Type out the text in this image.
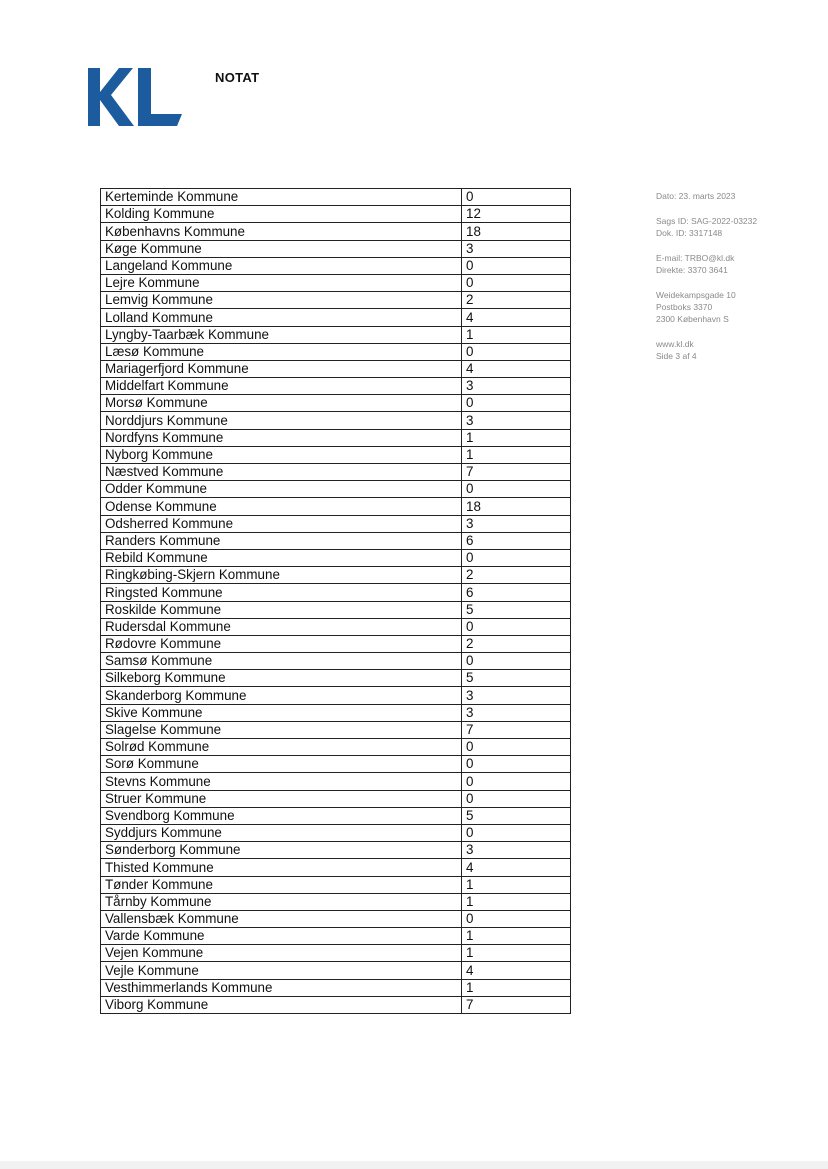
NOTAT
Dato: 23. marts 2023
Sags ID: SAG-2022-03232
Dok. ID: 3317148
E-mail: TRBO@kl.dk
Direkte: 3370 3641
Weidekampsgade 10
Postboks 3370
2300 København S
www.kl.dk
Side 3 af 4
Kerteminde Kommune	0
Kolding Kommune	12
Københavns Kommune	18
Køge Kommune	3
Langeland Kommune	0
Lejre Kommune	0
Lemvig Kommune	2
Lolland Kommune	4
Lyngby-Taarbæk Kommune	1
Læsø Kommune	0
Mariagerfjord Kommune	4
Middelfart Kommune	3
Morsø Kommune	0
Norddjurs Kommune	3
Nordfyns Kommune	1
Nyborg Kommune	1
Næstved Kommune	7
Odder Kommune	0
Odense Kommune	18
Odsherred Kommune	3
Randers Kommune	6
Rebild Kommune	0
Ringkøbing-Skjern Kommune	2
Ringsted Kommune	6
Roskilde Kommune	5
Rudersdal Kommune	0
Rødovre Kommune	2
Samsø Kommune	0
Silkeborg Kommune	5
Skanderborg Kommune	3
Skive Kommune	3
Slagelse Kommune	7
Solrød Kommune	0
Sorø Kommune	0
Stevns Kommune	0
Struer Kommune	0
Svendborg Kommune	5
Syddjurs Kommune	0
Sønderborg Kommune	3
Thisted Kommune	4
Tønder Kommune	1
Tårnby Kommune	1
Vallensbæk Kommune	0
Varde Kommune	1
Vejen Kommune	1
Vejle Kommune	4
Vesthimmerlands Kommune	1
Viborg Kommune	7
